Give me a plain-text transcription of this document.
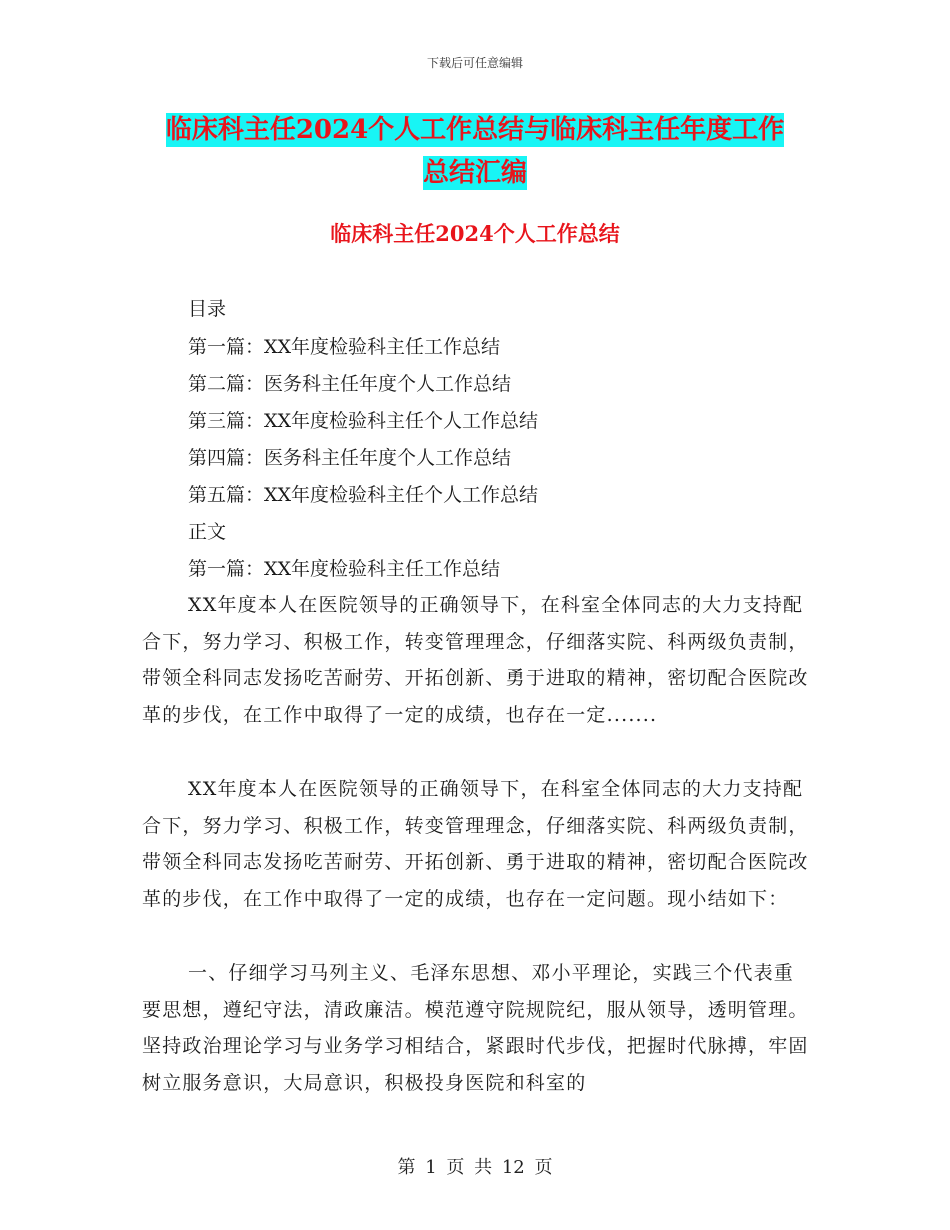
下载后可任意编辑
临床科主任2024个人工作总结与临床科主任年度工作
总结汇编
临床科主任2024个人工作总结
目录
第一篇：XX年度检验科主任工作总结
第二篇：医务科主任年度个人工作总结
第三篇：XX年度检验科主任个人工作总结
第四篇：医务科主任年度个人工作总结
第五篇：XX年度检验科主任个人工作总结
正文
第一篇：XX年度检验科主任工作总结

XX年度本人在医院领导的正确领导下，在科室全体同志的大力支持配合下，努力学习、积极工作，转变管理理念，仔细落实院、科两级负责制，带领全科同志发扬吃苦耐劳、开拓创新、勇于进取的精神，密切配合医院改革的步伐，在工作中取得了一定的成绩，也存在一定.......

XX年度本人在医院领导的正确领导下，在科室全体同志的大力支持配合下，努力学习、积极工作，转变管理理念，仔细落实院、科两级负责制，带领全科同志发扬吃苦耐劳、开拓创新、勇于进取的精神，密切配合医院改革的步伐，在工作中取得了一定的成绩，也存在一定问题。现小结如下：

一、仔细学习马列主义、毛泽东思想、邓小平理论，实践三个代表重要思想，遵纪守法，清政廉洁。模范遵守院规院纪，服从领导，透明管理。坚持政治理论学习与业务学习相结合，紧跟时代步伐，把握时代脉搏，牢固树立服务意识，大局意识，积极投身医院和科室的

第 1 页 共 12 页
